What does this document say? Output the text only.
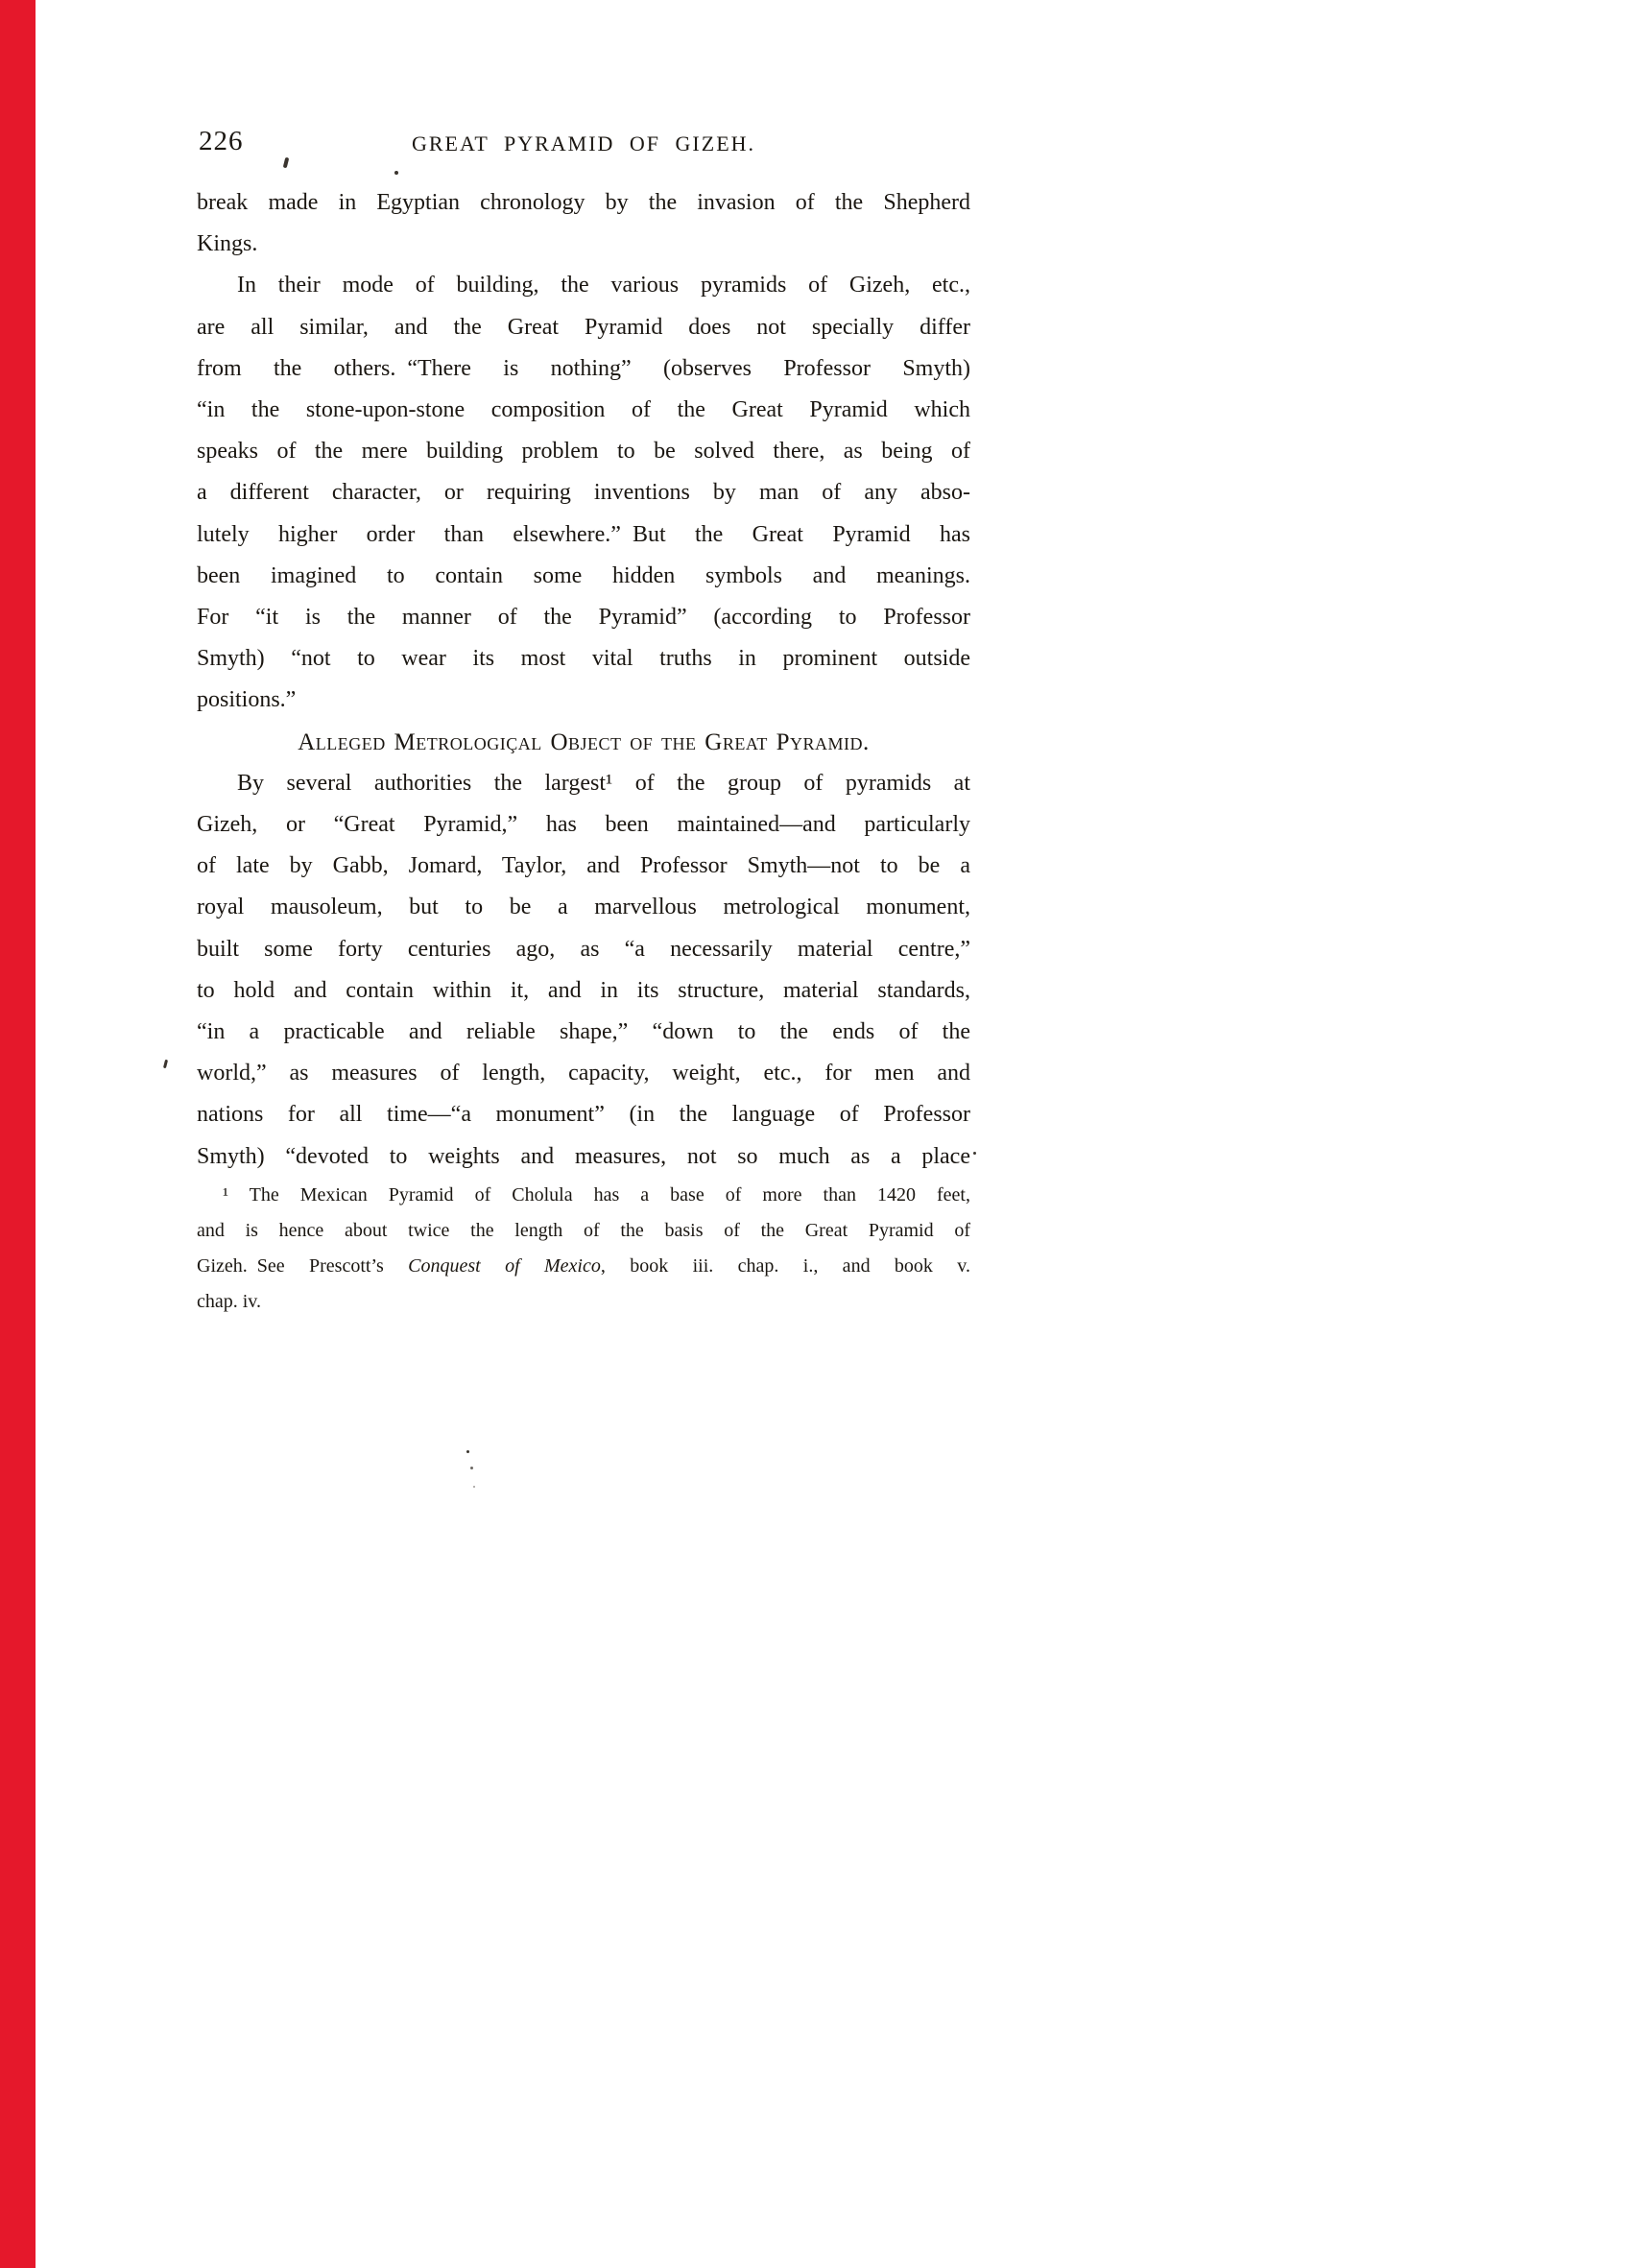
226	GREAT PYRAMID OF GIZEH.
break made in Egyptian chronology by the invasion of the Shepherd
Kings.
In their mode of building, the various pyramids of Gizeh, etc.,
are all similar, and the Great Pyramid does not specially differ
from the others. “There is nothing” (observes Professor Smyth)
“in the stone-upon-stone composition of the Great Pyramid which
speaks of the mere building problem to be solved there, as being of
a different character, or requiring inventions by man of any abso-
lutely higher order than elsewhere.” But the Great Pyramid has
been imagined to contain some hidden symbols and meanings.
For “it is the manner of the Pyramid” (according to Professor
Smyth) “not to wear its most vital truths in prominent outside
positions.”
Alleged Metrologiçal Object of the Great Pyramid.
By several authorities the largest¹ of the group of pyramids at
Gizeh, or “Great Pyramid,” has been maintained—and particularly
of late by Gabb, Jomard, Taylor, and Professor Smyth—not to be a
royal mausoleum, but to be a marvellous metrological monument,
built some forty centuries ago, as “a necessarily material centre,”
to hold and contain within it, and in its structure, material standards,
“in a practicable and reliable shape,” “down to the ends of the
world,” as measures of length, capacity, weight, etc., for men and
nations for all time—“a monument” (in the language of Professor
Smyth) “devoted to weights and measures, not so much as a place
¹ The Mexican Pyramid of Cholula has a base of more than 1420 feet,
and is hence about twice the length of the basis of the Great Pyramid of
Gizeh. See Prescott’s Conquest of Mexico, book iii. chap. i., and book v.
chap. iv.
